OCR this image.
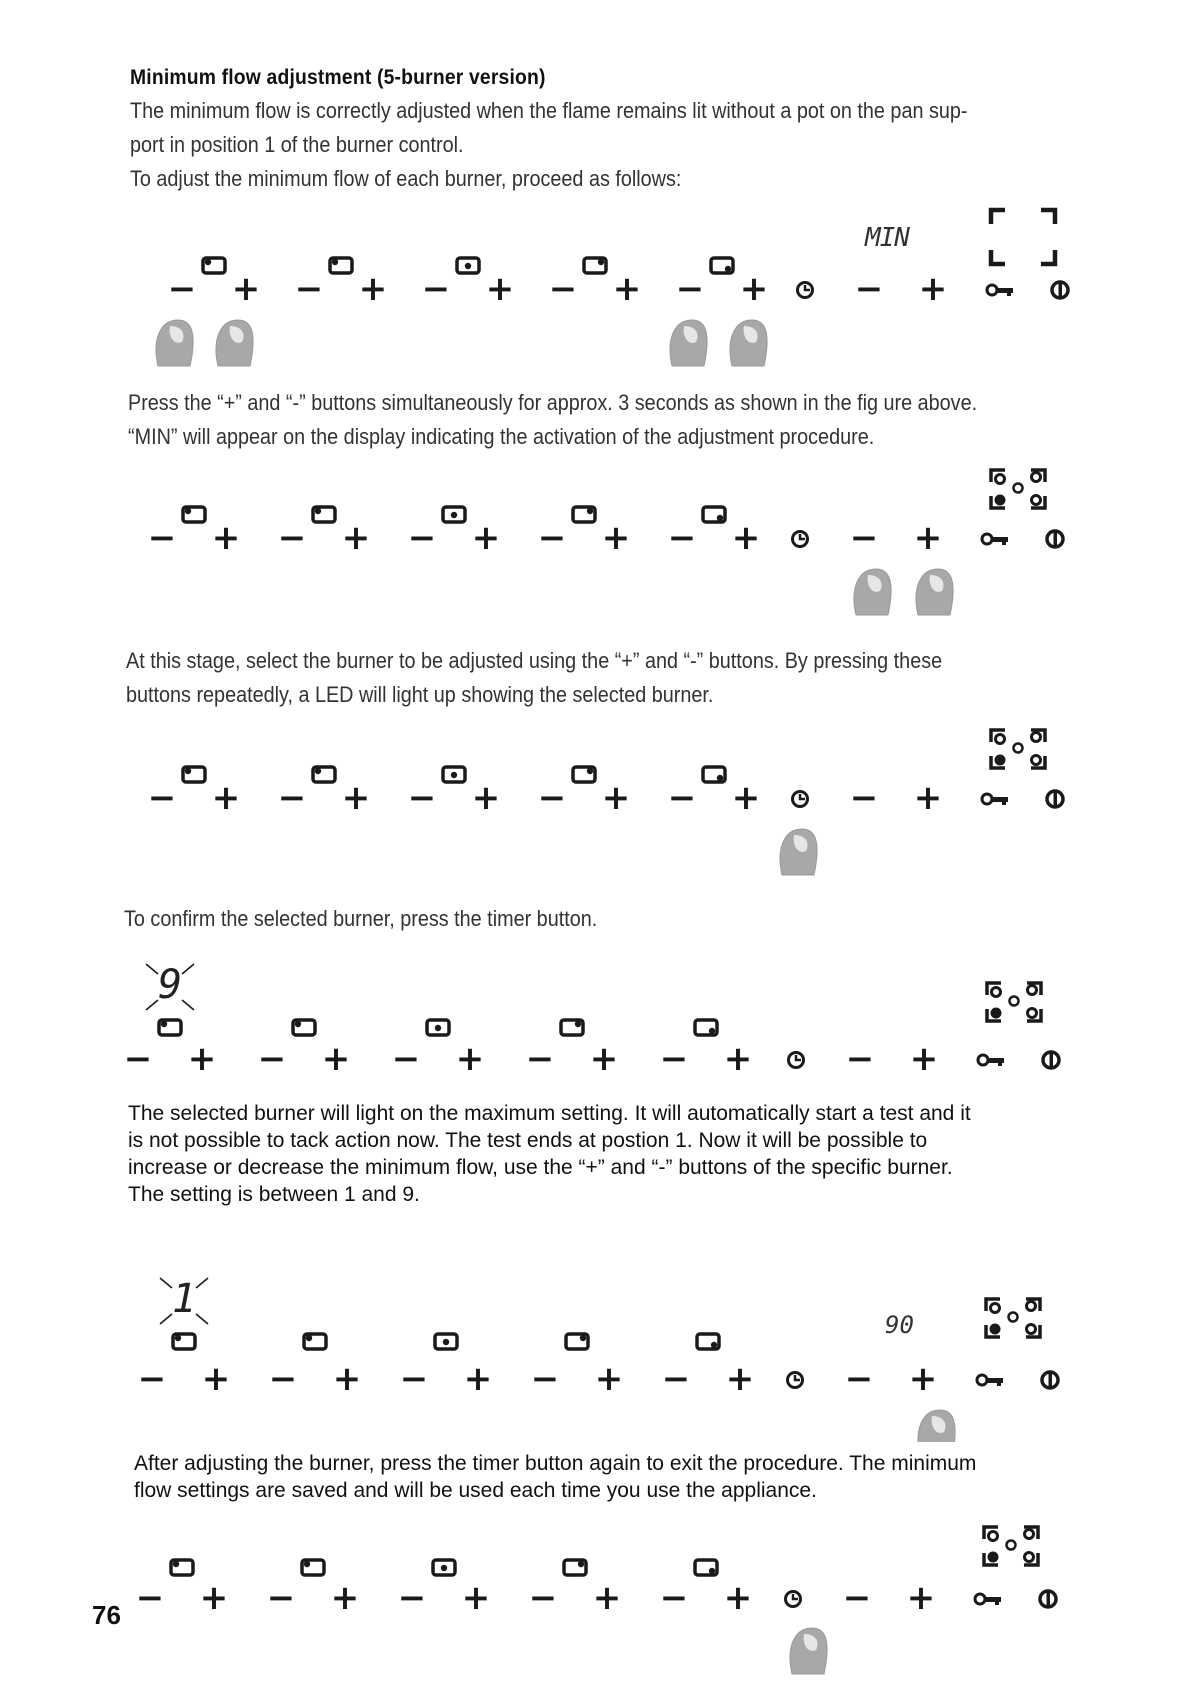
Minimum flow adjustment (5-burner version)
The minimum flow is correctly adjusted when the flame remains lit without a pot on the pan sup-
port in position 1 of the burner control.
To adjust the minimum flow of each burner, proceed as follows:
− + − + − + − + − +	− +
MIN
Press the “+” and “-” buttons simultaneously for approx. 3 seconds as shown in the fig ure above.
“MIN” will appear on the display indicating the activation of the adjustment procedure.
− + − + − + − + − +	− +
At this stage, select the burner to be adjusted using the “+” and “-” buttons. By pressing these
buttons repeatedly, a LED will light up showing the selected burner.
− + − + − + − + − +	− +
To confirm the selected burner, press the timer button.
− + − + − + − + − +	− +
9
The selected burner will light on the maximum setting. It will automatically start a test and it
is not possible to tack action now. The test ends at postion 1. Now it will be possible to
increase or decrease the minimum flow, use the “+” and “-” buttons of the specific burner.
The setting is between 1 and 9.
− + − + − + − + − +	− +
1
90
After adjusting the burner, press the timer button again to exit the procedure. The minimum
flow settings are saved and will be used each time you use the appliance.
− + − + − + − + − +	− +
76
